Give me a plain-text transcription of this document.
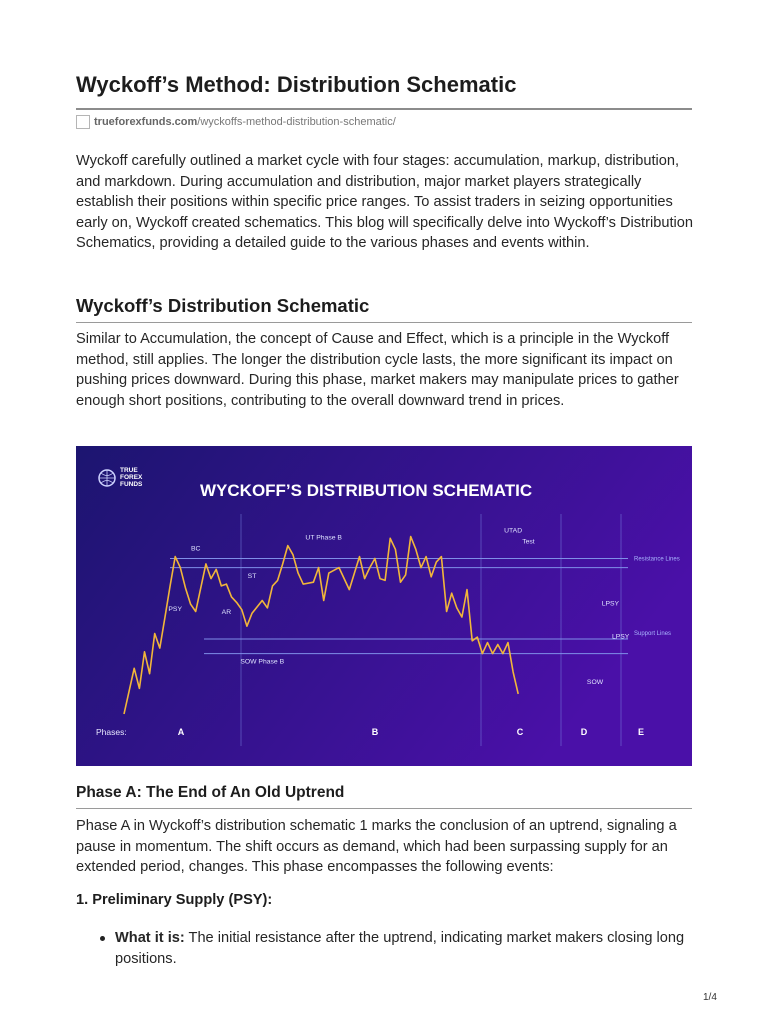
Wyckoff’s Method: Distribution Schematic
trueforexfunds.com /wyckoffs-method-distribution-schematic/

Wyckoff carefully outlined a market cycle with four stages: accumulation, markup, distribution, and markdown. During accumulation and distribution, major market players strategically establish their positions within specific price ranges. To assist traders in seizing opportunities early on, Wyckoff created schematics. This blog will specifically delve into Wyckoff’s Distribution Schematics, providing a detailed guide to the various phases and events within.

Wyckoff’s Distribution Schematic

Similar to Accumulation, the concept of Cause and Effect, which is a principle in the Wyckoff method, still applies. The longer the distribution cycle lasts, the more significant its impact on pushing prices downward. During this phase, market makers may manipulate prices to gather enough short positions, contributing to the overall downward trend in prices.

TRUE
FOREX
FUNDS	WYCKOFF’S DISTRIBUTION SCHEMATIC
Resistance Lines
Support Lines
PSY
BC
AR
ST
SOW Phase B
UT Phase B
UTAD
Test
LPSY
LPSY
SOW
A	B	C	D	E
Phases:
Phase A: The End of An Old Uptrend

Phase A in Wyckoff’s distribution schematic 1 marks the conclusion of an uptrend, signaling a pause in momentum. The shift occurs as demand, which had been surpassing supply for an extended period, changes. This phase encompasses the following events:

1. Preliminary Supply (PSY):
What it is: The initial resistance after the uptrend, indicating market makers closing long positions.
1/4
